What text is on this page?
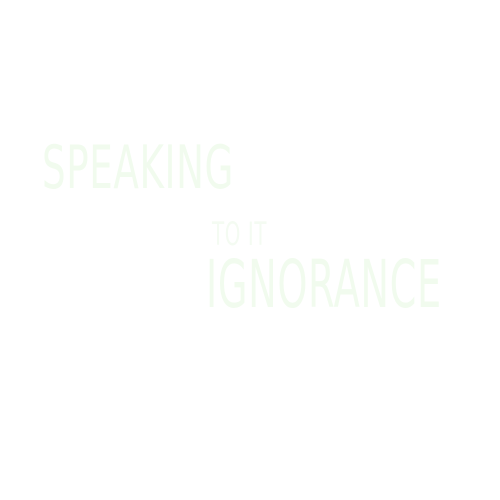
SPEAKING
TO IT
IGNORANCE
